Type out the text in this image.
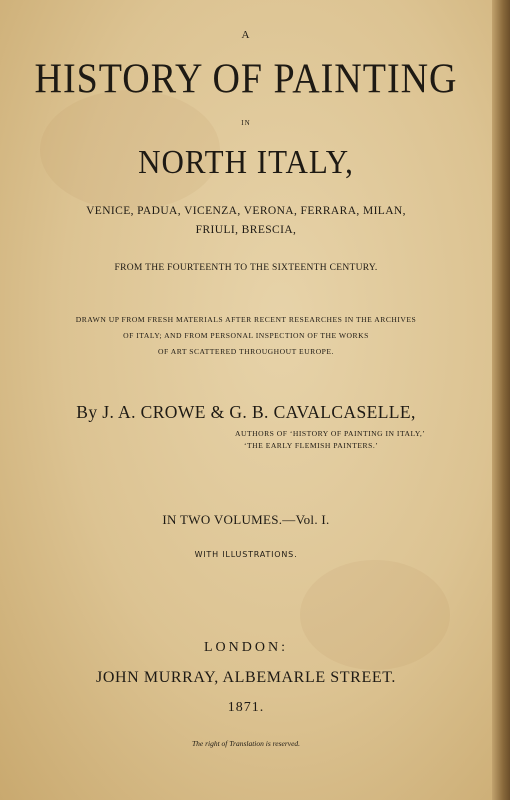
A
HISTORY OF PAINTING
IN
NORTH ITALY,
VENICE, PADUA, VICENZA, VERONA, FERRARA, MILAN,
FRIULI, BRESCIA,
FROM THE FOURTEENTH TO THE SIXTEENTH CENTURY.
DRAWN UP FROM FRESH MATERIALS AFTER RECENT RESEARCHES IN THE ARCHIVES
OF ITALY; AND FROM PERSONAL INSPECTION OF THE WORKS
OF ART SCATTERED THROUGHOUT EUROPE.
By J. A. CROWE & G. B. CAVALCASELLE,
AUTHORS OF ‘HISTORY OF PAINTING IN ITALY,’
‘THE EARLY FLEMISH PAINTERS.’
IN TWO VOLUMES.—Vol. I.
WITH ILLUSTRATIONS.
LONDON:
JOHN MURRAY, ALBEMARLE STREET.
1871.
The right of Translation is reserved.
